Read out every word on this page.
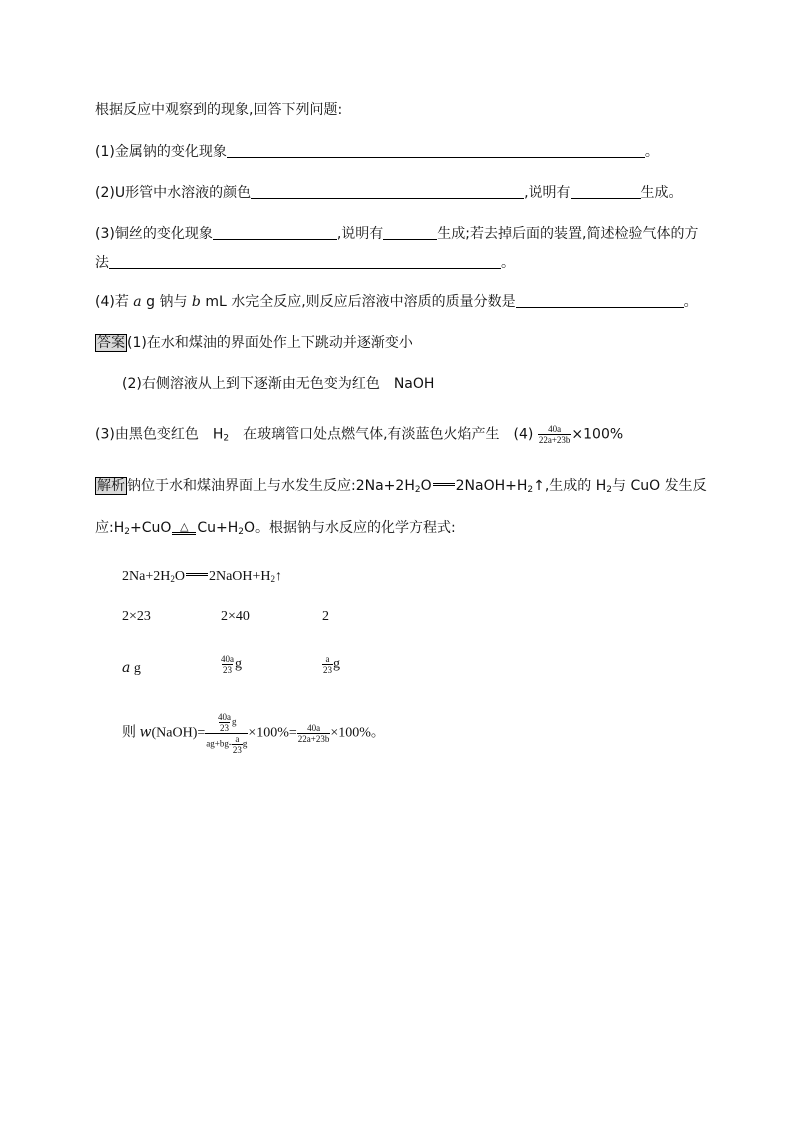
根据反应中观察到的现象,回答下列问题:
(1)金属钠的变化现象	。
(2)U形管中水溶液的颜色	,说明有	生成。
(3)铜丝的变化现象	,说明有	生成;若去掉后面的装置,简述检验气体的方
法	。
(4)若 a g 钠与 b mL 水完全反应,则反应后溶液中溶质的质量分数是	。
答案 (1)在水和煤油的界面处作上下跳动并逐渐变小
(2)右侧溶液从上到下逐渐由无色变为红色　NaOH
(3)由黑色变红色　$H_2$　在玻璃管口处点燃气体,有淡蓝色火焰产生　$(4) \frac{40a}{22a+23b} \times 100\%$
解析 钠位于水和煤油界面上与水发生反应$:2Na+2H_2O$ $2NaOH+H_2↑$,生成的 $H_2$与 CuO 发生反
应$:H_2+CuO$ △ $Cu+H_2O$。根据钠与水反应的化学方程式:
$2Na+2H_2O$ $2NaOH+H_2↑$
2×23	2×40	2
a g	$\frac{40a}{23}$ g	$\frac{a}{23}$ g
则 w(NaOH)= $\frac{\frac{40a}{23} g}{ag+bg- \frac{a}{23} g} \times 100\%= \frac{40a}{22a+23b} \times 100\%$。
